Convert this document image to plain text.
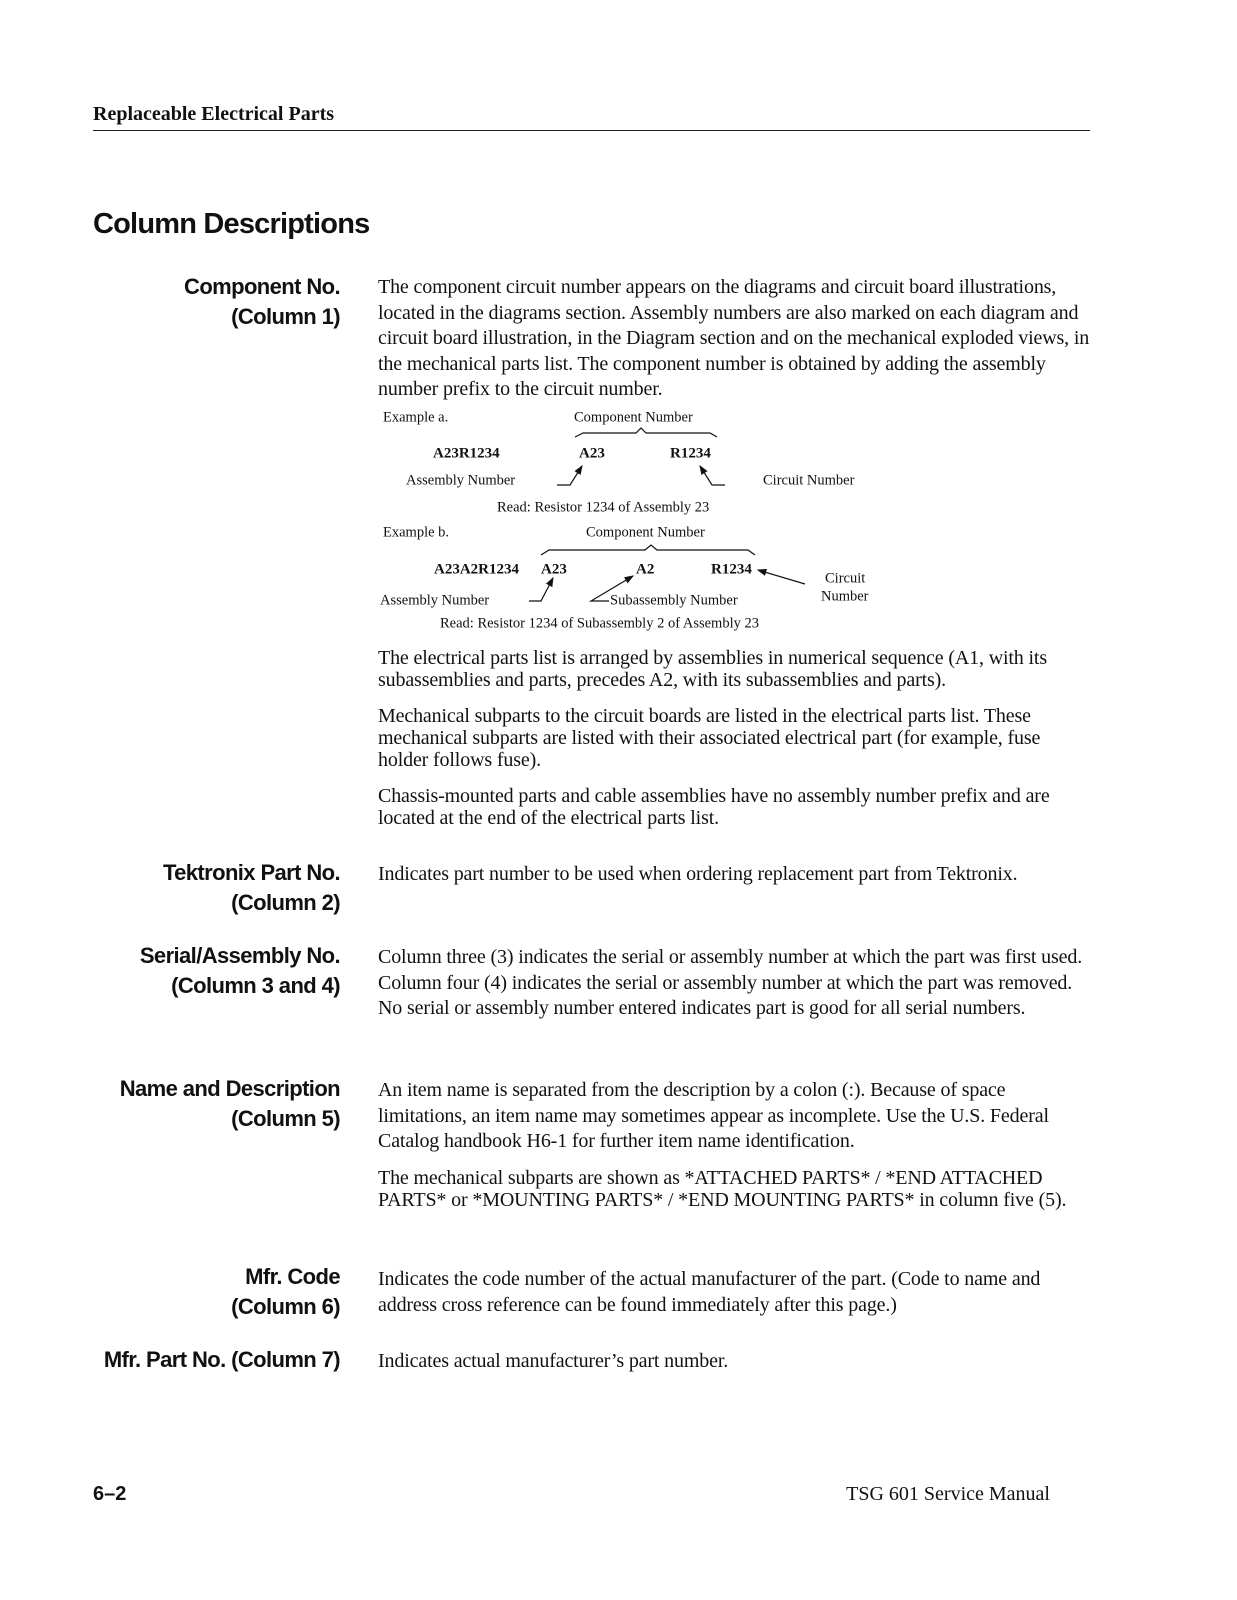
Replaceable Electrical Parts
Column Descriptions
Component No.
(Column 1)
The component circuit number appears on the diagrams and circuit board illustrations, located in the diagrams section. Assembly numbers are also marked on each diagram and circuit board illustration, in the Diagram section and on the mechanical exploded views, in the mechanical parts list. The component number is obtained by adding the assembly number prefix to the circuit number.
Example a.	Component Number
A23R1234	A23	R1234
Assembly Number	Circuit Number
Read: Resistor 1234 of Assembly 23
Example b.	Component Number
A23A2R1234 A23	A2	R1234
Circuit
Number
Assembly Number	Subassembly Number
Read: Resistor 1234 of Subassembly 2 of Assembly 23
The electrical parts list is arranged by assemblies in numerical sequence (A1, with its subassemblies and parts, precedes A2, with its subassemblies and parts).
Mechanical subparts to the circuit boards are listed in the electrical parts list. These mechanical subparts are listed with their associated electrical part (for example, fuse holder follows fuse).
Chassis-mounted parts and cable assemblies have no assembly number prefix and are located at the end of the electrical parts list.
Tektronix Part No.
(Column 2)
Indicates part number to be used when ordering replacement part from Tektronix.
Serial/Assembly No.
(Column 3 and 4)
Column three (3) indicates the serial or assembly number at which the part was first used. Column four (4) indicates the serial or assembly number at which the part was removed. No serial or assembly number entered indicates part is good for all serial numbers.
Name and Description
(Column 5)
An item name is separated from the description by a colon (:). Because of space limitations, an item name may sometimes appear as incomplete. Use the U.S. Federal Catalog handbook H6-1 for further item name identification.
The mechanical subparts are shown as *ATTACHED PARTS* / *END ATTACHED PARTS* or *MOUNTING PARTS* / *END MOUNTING PARTS* in column five (5).
Mfr. Code
(Column 6)
Indicates the code number of the actual manufacturer of the part. (Code to name and address cross reference can be found immediately after this page.)
Mfr. Part No. (Column 7) Indicates actual manufacturer’s part number.
6–2	TSG 601 Service Manual
